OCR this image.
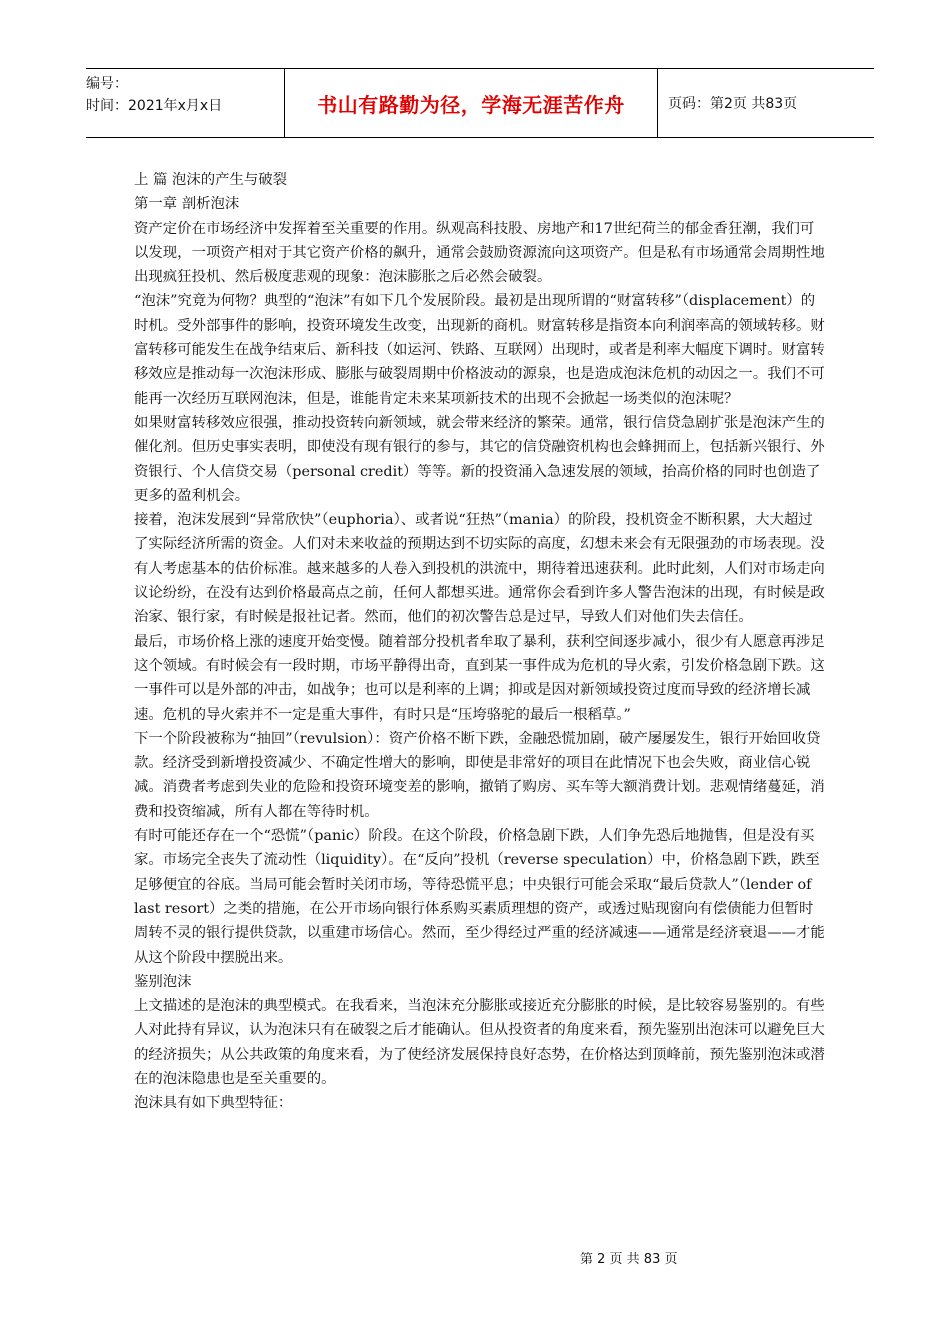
编号：
时间：2021年x月x日	书山有路勤为径，学海无涯苦作舟	页码：第2页 共83页

上 篇 泡沫的产生与破裂

第一章 剖析泡沫

资产定价在市场经济中发挥着至关重要的作用。纵观高科技股、房地产和17世纪荷兰的郁金香狂潮，我们可以发现，一项资产相对于其它资产价格的飙升，通常会鼓励资源流向这项资产。但是私有市场通常会周期性地出现疯狂投机、然后极度悲观的现象：泡沫膨胀之后必然会破裂。

“泡沫”究竟为何物？典型的“泡沫”有如下几个发展阶段。最初是出现所谓的“财富转移”（displacement）的时机。受外部事件的影响，投资环境发生改变，出现新的商机。财富转移是指资本向利润率高的领域转移。财富转移可能发生在战争结束后、新科技（如运河、铁路、互联网）出现时，或者是利率大幅度下调时。财富转移效应是推动每一次泡沫形成、膨胀与破裂周期中价格波动的源泉，也是造成泡沫危机的动因之一。我们不可能再一次经历互联网泡沫，但是，谁能肯定未来某项新技术的出现不会掀起一场类似的泡沫呢？

如果财富转移效应很强，推动投资转向新领域，就会带来经济的繁荣。通常，银行信贷急剧扩张是泡沫产生的催化剂。但历史事实表明，即使没有现有银行的参与，其它的信贷融资机构也会蜂拥而上，包括新兴银行、外资银行、个人信贷交易（personal credit）等等。新的投资涌入急速发展的领域，抬高价格的同时也创造了更多的盈利机会。

接着，泡沫发展到“异常欣快”（euphoria）、或者说“狂热”（mania）的阶段，投机资金不断积累，大大超过了实际经济所需的资金。人们对未来收益的预期达到不切实际的高度，幻想未来会有无限强劲的市场表现。没有人考虑基本的估价标准。越来越多的人卷入到投机的洪流中，期待着迅速获利。此时此刻，人们对市场走向议论纷纷，在没有达到价格最高点之前，任何人都想买进。通常你会看到许多人警告泡沫的出现，有时候是政治家、银行家，有时候是报社记者。然而，他们的初次警告总是过早，导致人们对他们失去信任。

最后，市场价格上涨的速度开始变慢。随着部分投机者牟取了暴利，获利空间逐步减小，很少有人愿意再涉足这个领域。有时候会有一段时期，市场平静得出奇，直到某一事件成为危机的导火索，引发价格急剧下跌。这一事件可以是外部的冲击，如战争；也可以是利率的上调；抑或是因对新领域投资过度而导致的经济增长减速。危机的导火索并不一定是重大事件，有时只是“压垮骆驼的最后一根稻草。”

下一个阶段被称为“抽回”（revulsion）：资产价格不断下跌，金融恐慌加剧，破产屡屡发生，银行开始回收贷款。经济受到新增投资减少、不确定性增大的影响，即使是非常好的项目在此情况下也会失败，商业信心锐减。消费者考虑到失业的危险和投资环境变差的影响，撤销了购房、买车等大额消费计划。悲观情绪蔓延，消费和投资缩减，所有人都在等待时机。

有时可能还存在一个“恐慌”（panic）阶段。在这个阶段，价格急剧下跌，人们争先恐后地抛售，但是没有买家。市场完全丧失了流动性（liquidity）。在“反向”投机（reverse speculation）中，价格急剧下跌，跌至足够便宜的谷底。当局可能会暂时关闭市场，等待恐慌平息；中央银行可能会采取“最后贷款人”（lender of last resort）之类的措施，在公开市场向银行体系购买素质理想的资产，或透过贴现窗向有偿债能力但暂时周转不灵的银行提供贷款，以重建市场信心。然而，至少得经过严重的经济减速——通常是经济衰退——才能从这个阶段中摆脱出来。

鉴别泡沫

上文描述的是泡沫的典型模式。在我看来，当泡沫充分膨胀或接近充分膨胀的时候，是比较容易鉴别的。有些人对此持有异议，认为泡沫只有在破裂之后才能确认。但从投资者的角度来看，预先鉴别出泡沫可以避免巨大的经济损失；从公共政策的角度来看，为了使经济发展保持良好态势，在价格达到顶峰前，预先鉴别泡沫或潜在的泡沫隐患也是至关重要的。

泡沫具有如下典型特征：

第 2 页 共 83 页
